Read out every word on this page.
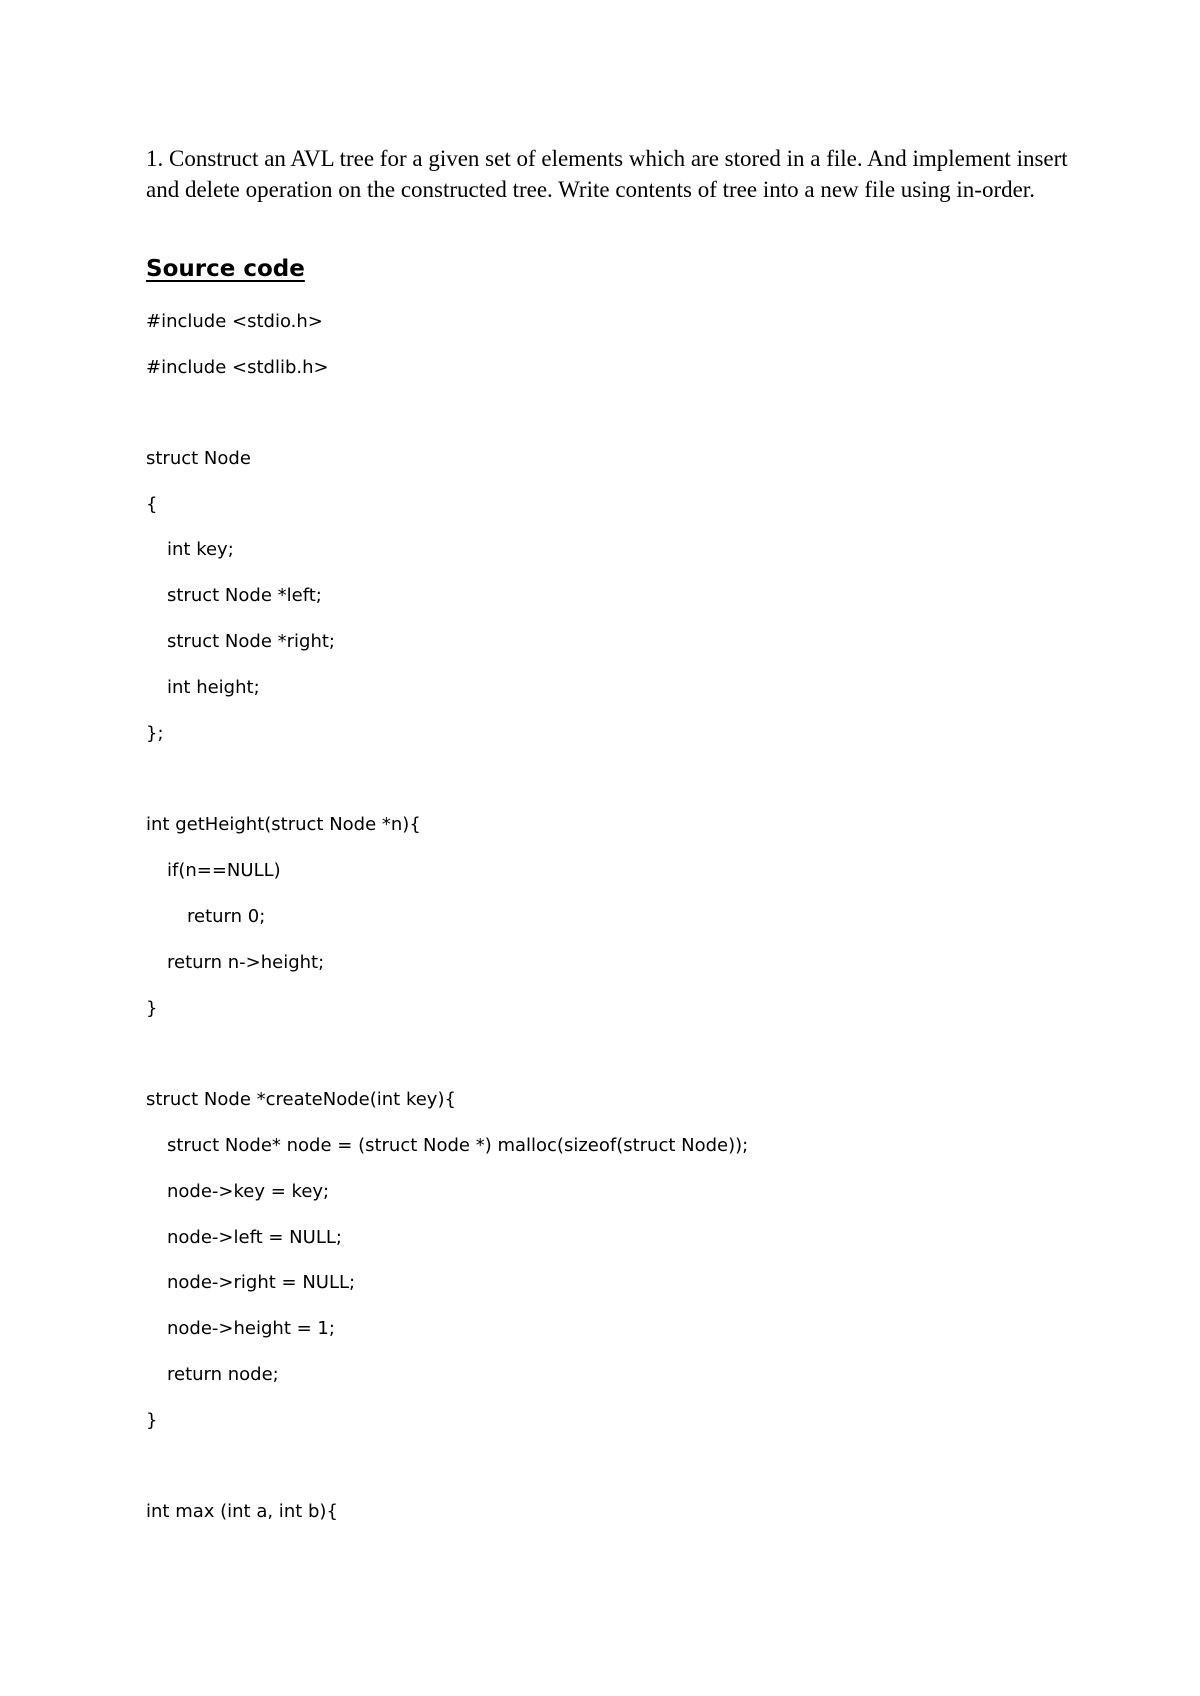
1. Construct an AVL tree for a given set of elements which are stored in a file. And implement insert and delete operation on the constructed tree. Write contents of tree into a new file using in-order.
Source code
#include <stdio.h>
#include <stdlib.h>
struct Node
{
int key;
struct Node *left;
struct Node *right;
int height;
};
int getHeight(struct Node *n){
if(n==NULL)
return 0;
return n->height;
}
struct Node *createNode(int key){
struct Node* node = (struct Node *) malloc(sizeof(struct Node));
node->key = key;
node->left = NULL;
node->right = NULL;
node->height = 1;
return node;
}
int max (int a, int b){
